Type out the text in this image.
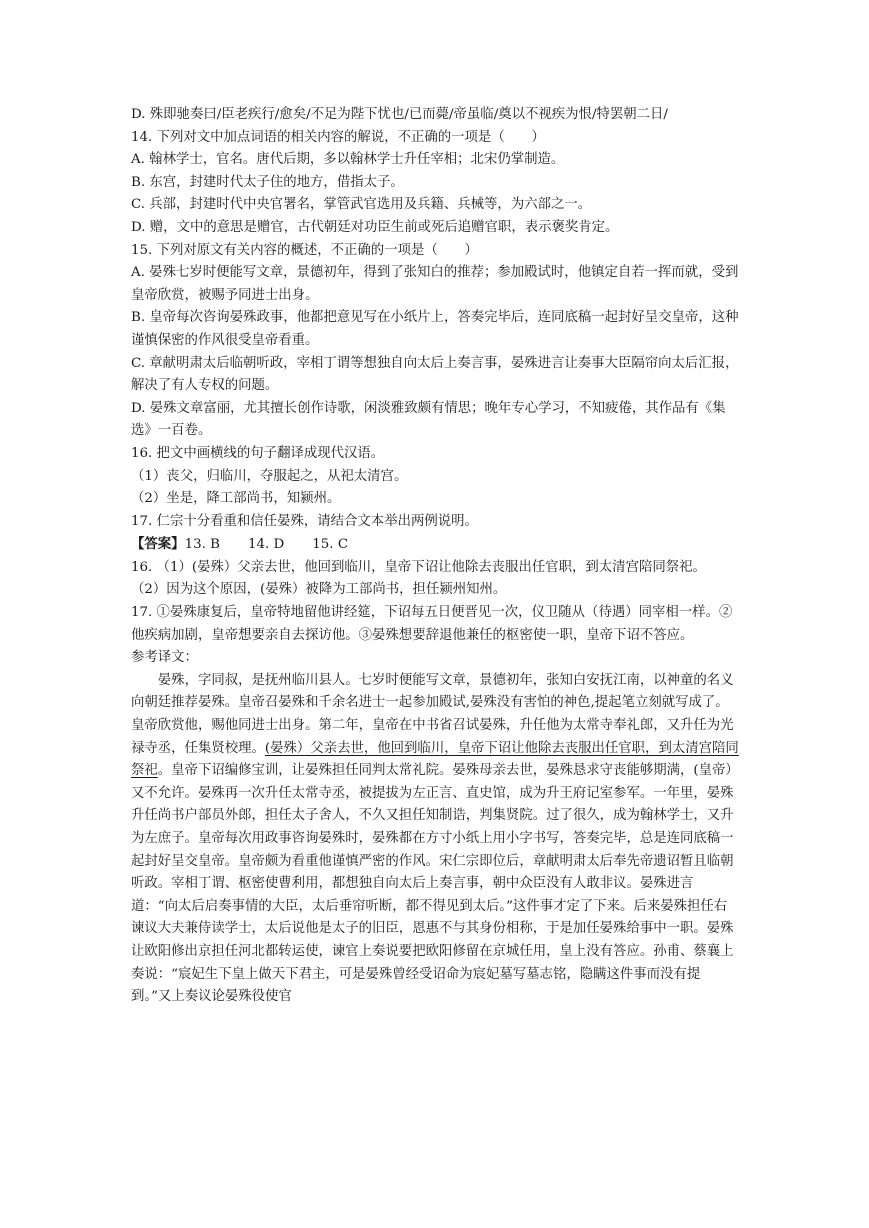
D. 殊即驰奏曰/臣老疾行/愈矣/不足为陛下忧也/已而薨/帝虽临/奠以不视疾为恨/特罢朝二日/

14. 下列对文中加点词语的相关内容的解说，不正确的一项是（　　）

A. 翰林学士，官名。唐代后期，多以翰林学士升任宰相；北宋仍掌制造。

B. 东宫，封建时代太子住的地方，借指太子。

C. 兵部，封建时代中央官署名，掌管武官选用及兵籍、兵械等，为六部之一。

D. 赠，文中的意思是赠官，古代朝廷对功臣生前或死后追赠官职，表示褒奖肯定。

15. 下列对原文有关内容的概述，不正确的一项是（　　）

A. 晏殊七岁时便能写文章，景德初年，得到了张知白的推荐；参加殿试时，他镇定自若一挥而就，受到皇帝欣赏，被赐予同进士出身。

B. 皇帝每次咨询晏殊政事，他都把意见写在小纸片上，答奏完毕后，连同底稿一起封好呈交皇帝，这种谨慎保密的作风很受皇帝看重。

C. 章献明肃太后临朝听政，宰相丁谓等想独自向太后上奏言事，晏殊进言让奏事大臣隔帘向太后汇报，解决了有人专权的问题。

D. 晏殊文章富丽，尤其擅长创作诗歌，闲淡雅致颇有情思；晚年专心学习，不知疲倦，其作品有《集选》一百卷。

16. 把文中画横线的句子翻译成现代汉语。

（1）丧父，归临川，夺服起之，从祀太清宫。

（2）坐是，降工部尚书，知颍州。

17. 仁宗十分看重和信任晏殊，请结合文本举出两例说明。

【答案】13. B 14. D 15. C

16. （1）(晏殊）父亲去世，他回到临川，皇帝下诏让他除去丧服出任官职，到太清宫陪同祭祀。

（2）因为这个原因，(晏殊）被降为工部尚书，担任颍州知州。

17. ①晏殊康复后，皇帝特地留他讲经筵，下诏每五日便晋见一次，仪卫随从（待遇）同宰相一样。②他疾病加剧，皇帝想要亲自去探访他。③晏殊想要辞退他兼任的枢密使一职，皇帝下诏不答应。

参考译文：

晏殊，字同叔，是抚州临川县人。七岁时便能写文章，景德初年，张知白安抚江南，以神童的名义向朝廷推荐晏殊。皇帝召晏殊和千余名进士一起参加殿试,晏殊没有害怕的神色,提起笔立刻就写成了。皇帝欣赏他，赐他同进士出身。第二年，皇帝在中书省召试晏殊，升任他为太常寺奉礼郎，又升任为光禄寺丞，任集贤校理。(晏殊）父亲去世，他回到临川，皇帝下诏让他除去丧服出任官职，到太清宫陪同祭祀。皇帝下诏编修宝训，让晏殊担任同判太常礼院。晏殊母亲去世，晏殊恳求守丧能够期满，(皇帝）又不允许。晏殊再一次升任太常寺丞，被提拔为左正言、直史馆，成为升王府记室参军。一年里，晏殊升任尚书户部员外郎，担任太子舍人，不久又担任知制诰，判集贤院。过了很久，成为翰林学士，又升为左庶子。皇帝每次用政事咨询晏殊时，晏殊都在方寸小纸上用小字书写，答奏完毕，总是连同底稿一起封好呈交皇帝。皇帝颇为看重他谨慎严密的作风。宋仁宗即位后，章献明肃太后奉先帝遗诏暂且临朝听政。宰相丁谓、枢密使曹利用，都想独自向太后上奏言事，朝中众臣没有人敢非议。晏殊进言道：“向太后启奏事情的大臣，太后垂帘听断，都不得见到太后。”这件事才定了下来。后来晏殊担任右谏议大夫兼侍读学士，太后说他是太子的旧臣，恩惠不与其身份相称，于是加任晏殊给事中一职。晏殊让欧阳修出京担任河北都转运使，谏官上奏说要把欧阳修留在京城任用，皇上没有答应。孙甫、蔡襄上奏说：“宸妃生下皇上做天下君主，可是晏殊曾经受诏命为宸妃墓写墓志铭，隐瞒这件事而没有提到。”又上奏议论晏殊役使官
